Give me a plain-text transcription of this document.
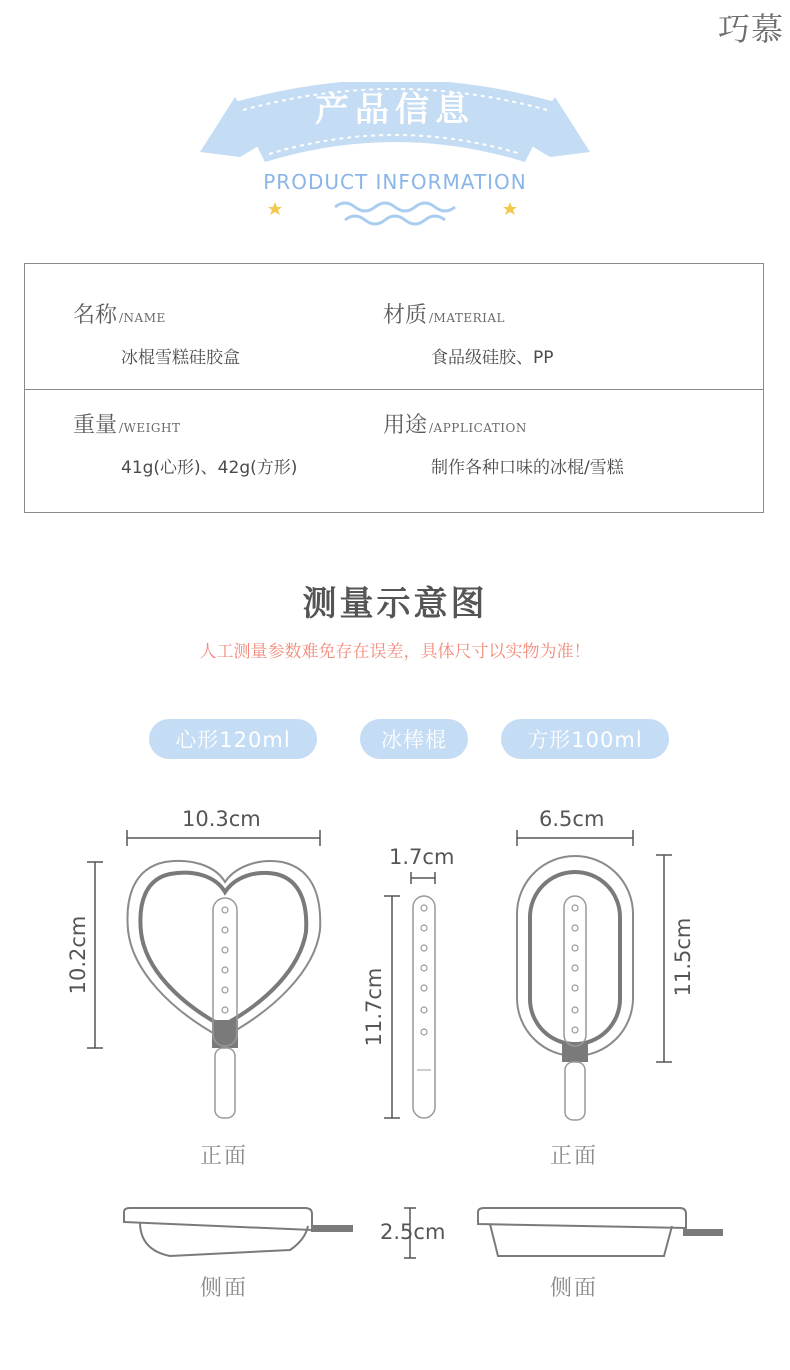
巧慕
产品信息
PRODUCT INFORMATION
名称 /NAME
冰棍雪糕硅胶盒
材质 /MATERIAL
食品级硅胶、PP
重量 /WEIGHT
41g(心形)、42g(方形)
用途 /APPLICATION
制作各种口味的冰棍/雪糕
测量示意图
人工测量参数难免存在误差，具体尺寸以实物为准！
心形120ml	冰棒棍	方形100ml
10.3cm
10.2cm
1.7cm
11.7cm
6.5cm
11.5cm
2.5cm
正面	正面
侧面	侧面
